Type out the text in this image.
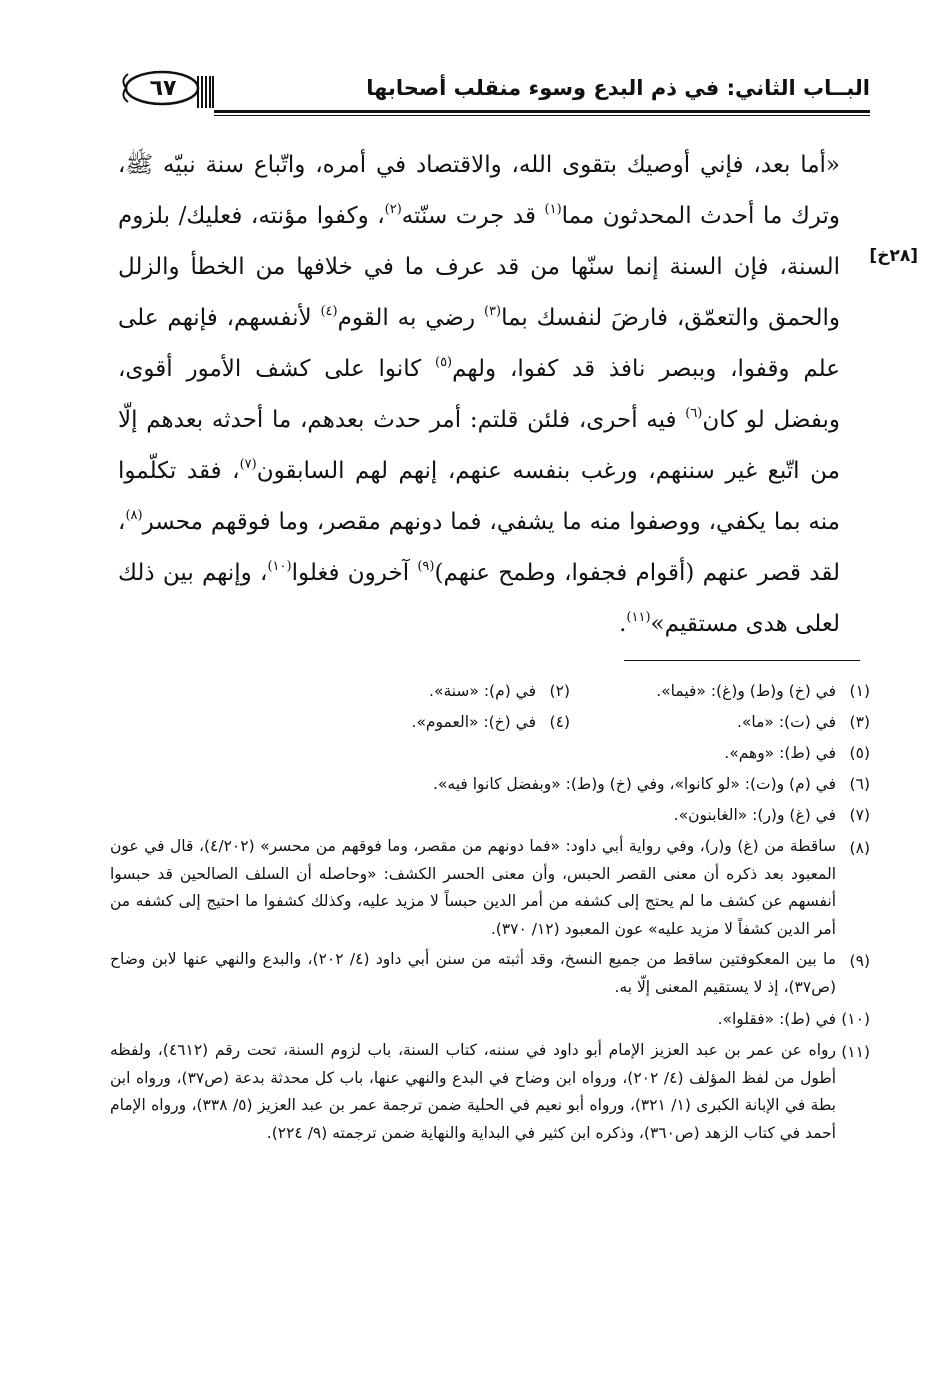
٦٧	البــاب الثاني: في ذم البدع وسوء منقلب أصحابها
[٢٨خ]

«أما بعد، فإني أوصيك بتقوى الله، والاقتصاد في أمره، واتّباع سنة نبيّه ﷺ، وترك ما أحدث المحدثون مما$^{(١)}$ قد جرت سنّته$^{(٢)}$، وكفوا مؤنته، فعليك/ بلزوم السنة، فإن السنة إنما سنّها من قد عرف ما في خلافها من الخطأ والزلل والحمق والتعمّق، فارضَ لنفسك بما$^{(٣)}$ رضي به القوم$^{(٤)}$ لأنفسهم، فإنهم على علم وقفوا، وببصر نافذ قد كفوا، ولهم$^{(٥)}$ كانوا على كشف الأمور أقوى، وبفضل لو كان$^{(٦)}$ فيه أحرى، فلئن قلتم: أمر حدث بعدهم، ما أحدثه بعدهم إلّا من اتّبع غير سننهم، ورغب بنفسه عنهم، إنهم لهم السابقون$^{(٧)}$، فقد تكلّموا منه بما يكفي، ووصفوا منه ما يشفي، فما دونهم مقصر، وما فوقهم محسر$^{(٨)}$، لقد قصر عنهم (أقوام فجفوا، وطمح عنهم)$^{(٩)}$ آخرون فغلوا$^{(١٠)}$، وإنهم بين ذلك لعلى هدى مستقيم»$^{(١١)}$.

(١)
في (خ) و(ط) و(غ): «فيما».
(٢)
في (م): «سنة».
(٣)
في (ت): «ما».
(٤)
في (خ): «العموم».
(٥)
في (ط): «وهم».
(٦)
في (م) و(ت): «لو كانوا»، وفي (خ) و(ط): «وبفضل كانوا فيه».
(٧)
في (غ) و(ر): «الغابنون».
(٨)
ساقطة من (غ) و(ر)، وفي رواية أبي داود: «فما دونهم من مقصر، وما فوقهم من محسر» (٤/٢٠٢)، قال في عون المعبود بعد ذكره أن معنى القصر الحبس، وأن معنى الحسر الكشف: «وحاصله أن السلف الصالحين قد حبسوا أنفسهم عن كشف ما لم يحتج إلى كشفه من أمر الدين حبساً لا مزيد عليه، وكذلك كشفوا ما احتيج إلى كشفه من أمر الدين كشفاً لا مزيد عليه» عون المعبود (١٢/ ٣٧٠).
(٩)
ما بين المعكوفتين ساقط من جميع النسخ، وقد أثبته من سنن أبي داود (٤/ ٢٠٢)، والبدع والنهي عنها لابن وضاح (ص٣٧)، إذ لا يستقيم المعنى إلّا به.
(١٠)
في (ط): «فقلوا».
(١١)
رواه عن عمر بن عبد العزيز الإمام أبو داود في سننه، كتاب السنة، باب لزوم السنة، تحت رقم (٤٦١٢)، ولفظه أطول من لفظ المؤلف (٤/ ٢٠٢)، ورواه ابن وضاح في البدع والنهي عنها، باب كل محدثة بدعة (ص٣٧)، ورواه ابن بطة في الإبانة الكبرى (١/ ٣٢١)، ورواه أبو نعيم في الحلية ضمن ترجمة عمر بن عبد العزيز (٥/ ٣٣٨)، ورواه الإمام أحمد في كتاب الزهد (ص٣٦٠)، وذكره ابن كثير في البداية والنهاية ضمن ترجمته (٩/ ٢٢٤).
